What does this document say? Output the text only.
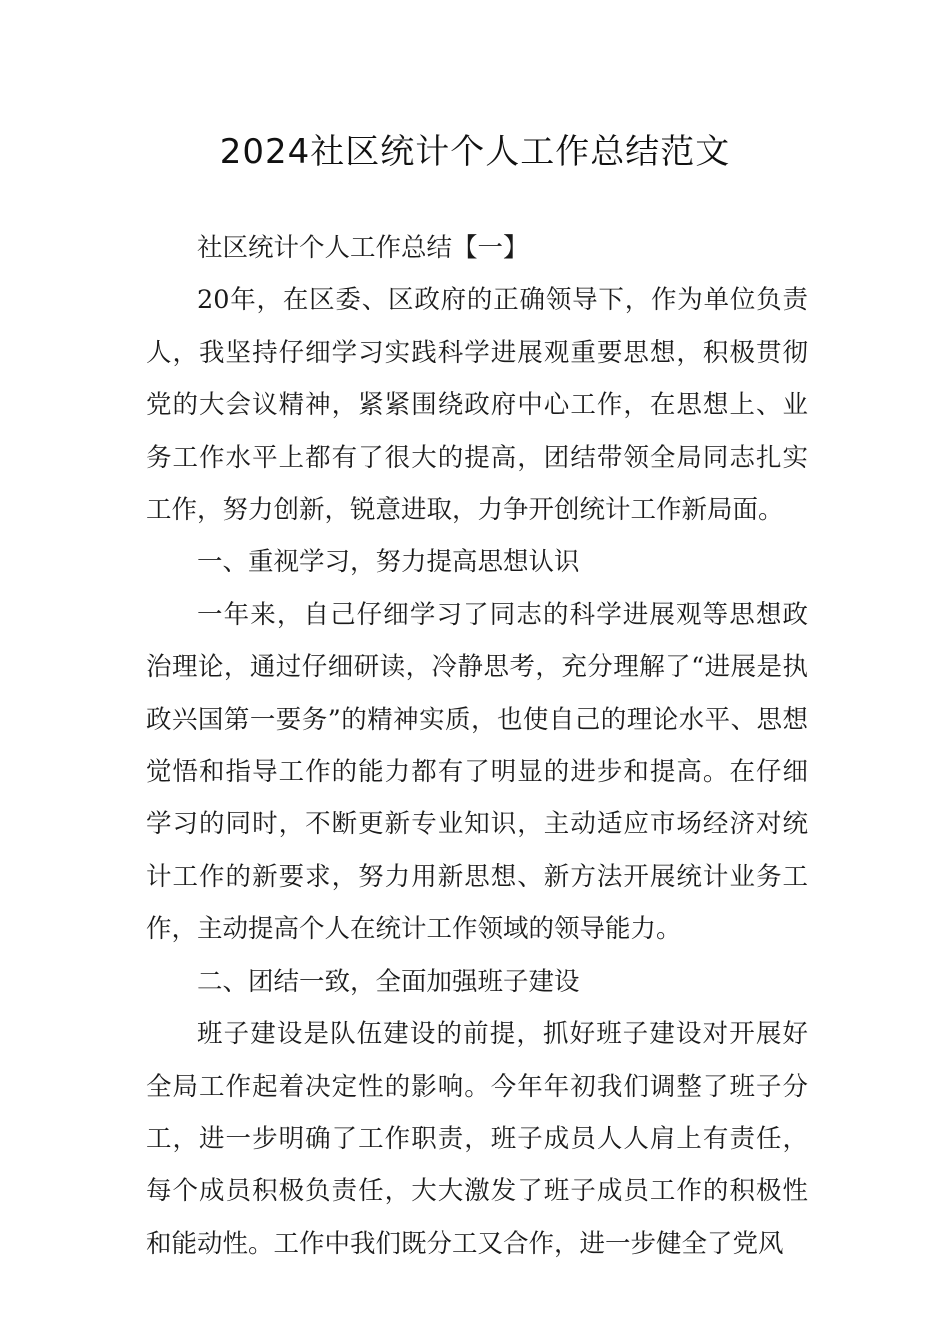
2024社区统计个人工作总结范文

社区统计个人工作总结【一】

20年，在区委、区政府的正确领导下，作为单位负责人，我坚持仔细学习实践科学进展观重要思想，积极贯彻党的大会议精神，紧紧围绕政府中心工作，在思想上、业务工作水平上都有了很大的提高，团结带领全局同志扎实工作，努力创新，锐意进取，力争开创统计工作新局面。

一、重视学习，努力提高思想认识

一年来，自己仔细学习了同志的科学进展观等思想政治理论，通过仔细研读，冷静思考，充分理解了“进展是执政兴国第一要务”的精神实质，也使自己的理论水平、思想觉悟和指导工作的能力都有了明显的进步和提高。在仔细学习的同时，不断更新专业知识，主动适应市场经济对统计工作的新要求，努力用新思想、新方法开展统计业务工作，主动提高个人在统计工作领域的领导能力。

二、团结一致，全面加强班子建设

班子建设是队伍建设的前提，抓好班子建设对开展好全局工作起着决定性的影响。今年年初我们调整了班子分工，进一步明确了工作职责，班子成员人人肩上有责任，每个成员积极负责任，大大激发了班子成员工作的积极性和能动性。工作中我们既分工又合作，进一步健全了党风
